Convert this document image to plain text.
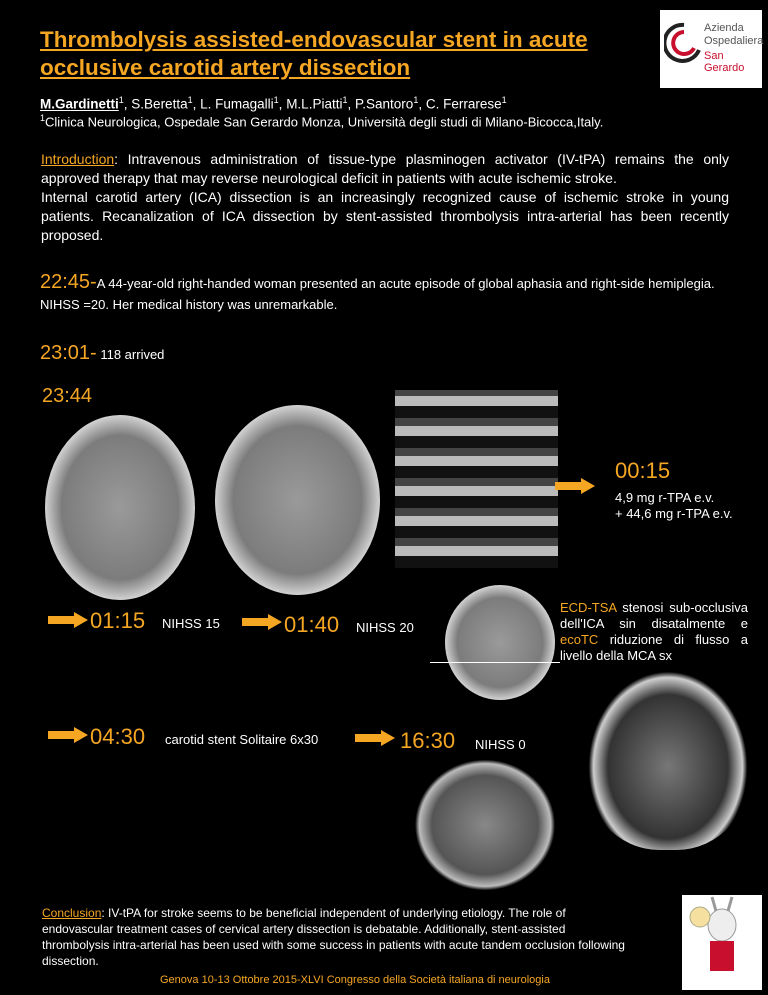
Azienda
Ospedaliera
San Gerardo
Thrombolysis assisted-endovascular stent in acute occlusive carotid artery dissection
M.Gardinetti$^1$, S.Beretta$^1$, L. Fumagalli$^1$, M.L.Piatti$^1$, P.Santoro$^1$, C. Ferrarese$^1$
$^1$Clinica Neurologica, Ospedale San Gerardo Monza, Università degli studi di Milano-Bicocca,Italy.
Introduction: Intravenous administration of tissue-type plasminogen activator (IV-tPA) remains the only approved therapy that may reverse neurological deficit in patients with acute ischemic stroke.
Internal carotid artery (ICA) dissection is an increasingly recognized cause of ischemic stroke in young patients. Recanalization of ICA dissection by stent-assisted thrombolysis intra-arterial has been recently proposed.
22:45-A 44-year-old right-handed woman presented an acute episode of global aphasia and right-side hemiplegia. NIHSS =20. Her medical history was unremarkable.
23:01- 118 arrived
23:44
00:15
4,9 mg r-TPA e.v.
+ 44,6 mg r-TPA e.v.
01:15 NIHSS 15	01:40 NIHSS 20
ECD-TSA stenosi sub-occlusiva dell'ICA sin disatalmente e ecoTC riduzione di flusso a livello della MCA sx
04:30 carotid stent Solitaire 6x30	16:30 NIHSS 0
Conclusion: IV-tPA for stroke seems to be beneficial independent of underlying etiology. The role of endovascular treatment cases of cervical artery dissection is debatable. Additionally, stent-assisted thrombolysis intra-arterial has been used with some success in patients with acute tandem occlusion following dissection.
Genova 10-13 Ottobre 2015-XLVI Congresso della Società italiana di neurologia
